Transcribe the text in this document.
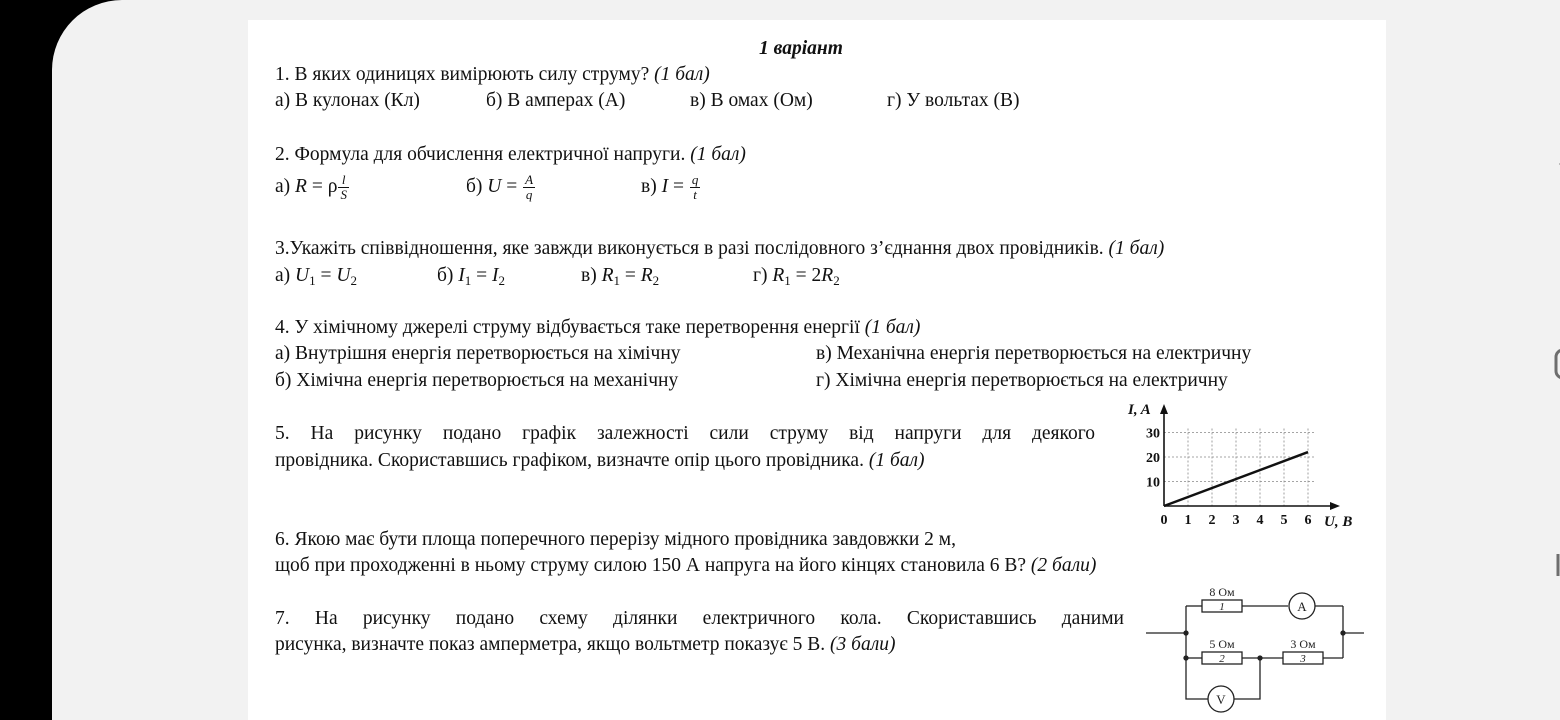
1 варіант
1. В яких одиницях вимірюють силу струму? (1 бал)
а) В кулонах (Кл)	б) В амперах (А)	в) В омах (Ом)	г) У вольтах (В)
2. Формула для обчислення електричної напруги. (1 бал)
а) R = ρ $\frac{l}{S}$	б) $U = \frac{A}{q}$	в) $I = \frac{q}{t}$
3.Укажіть співвідношення, яке завжди виконується в разі послідовного з’єднання двох провідників. (1 бал)
а) $U_1 = U_2$	б) $I_1 = I_2$	в) $R_1 = R_2$	г) $R_1 = 2R_2$
4. У хімічному джерелі струму відбувається таке перетворення енергії (1 бал)
а) Внутрішня енергія перетворюється на хімічну
б) Хімічна енергія перетворюється на механічну
в) Механічна енергія перетворюється на електричну
г) Хімічна енергія перетворюється на електричну
5. На рисунку подано графік залежності сили струму від напруги для деякого
провідника. Скориставшись графіком, визначте опір цього провідника. (1 бал)
0 1 2 3 4 5 6
10
20
30
I, A
U, В
6. Якою має бути площа поперечного перерізу мідного провідника завдовжки 2 м,
щоб при проходженні в ньому струму силою 150 А напруга на його кінцях становила 6 В? (2 бали)
7. На рисунку подано схему ділянки електричного кола. Скориставшись даними
рисунка, визначте показ амперметра, якщо вольтметр показує 5 В. (3 бали)
8 Ом
1
5 Ом
2
3 Ом
3
A
V
